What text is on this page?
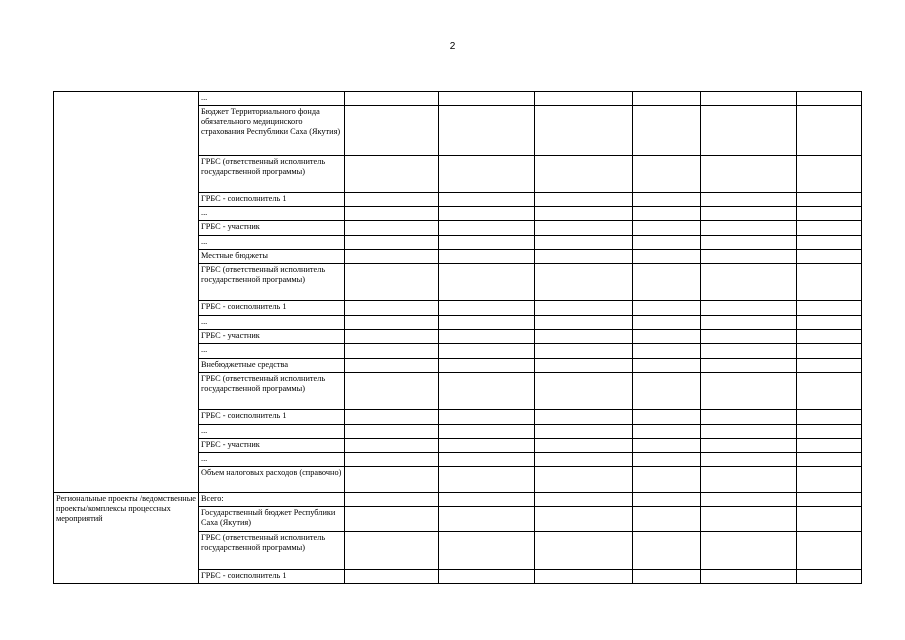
2
	...						
	Бюджет Территориального фонда обязательного медицинского страхования Республики Саха (Якутия)						
	ГРБС (ответственный исполнитель государственной программы)						
	ГРБС - соисполнитель 1						
	...						
	ГРБС - участник						
	...						
	Местные бюджеты						
	ГРБС (ответственный исполнитель государственной программы)						
	ГРБС - соисполнитель 1						
	...						
	ГРБС - участник						
	...						
	Внебюджетные средства						
	ГРБС (ответственный исполнитель государственной программы)						
	ГРБС - соисполнитель 1						
	...						
	ГРБС - участник						
	...						
	Объем налоговых расходов (справочно)						
Региональные проекты /ведомственные проекты/комплексы процессных мероприятий	Всего:						
	Государственный бюджет Республики Саха (Якутия)						
	ГРБС (ответственный исполнитель государственной программы)						
	ГРБС - соисполнитель 1						
